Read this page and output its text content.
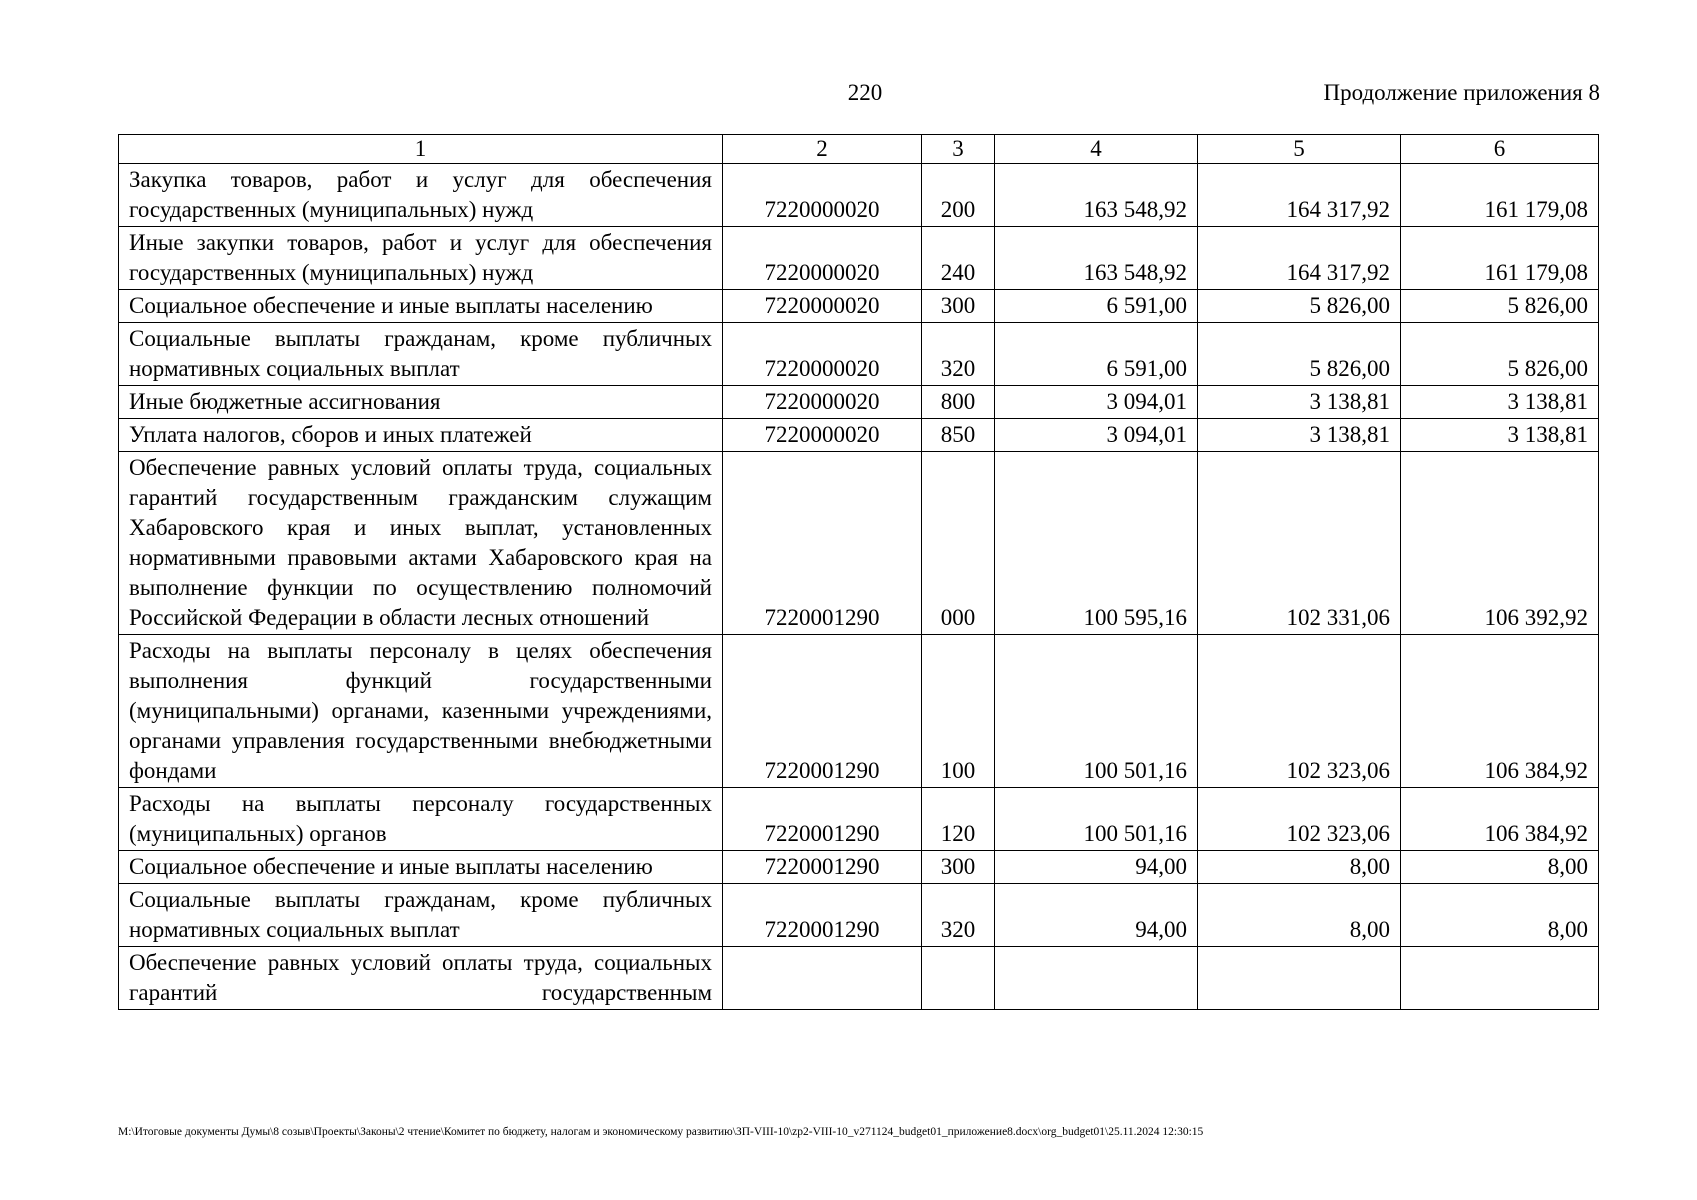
220	Продолжение приложения 8
1	2	3	4	5	6
Закупка товаров, работ и услуг для обеспечения государственных (муниципальных) нужд	7220000020	200	163 548,92	164 317,92	161 179,08
Иные закупки товаров, работ и услуг для обеспечения государственных (муниципальных) нужд	7220000020	240	163 548,92	164 317,92	161 179,08
Социальное обеспечение и иные выплаты населению	7220000020	300	6 591,00	5 826,00	5 826,00
Социальные выплаты гражданам, кроме публичных нормативных социальных выплат	7220000020	320	6 591,00	5 826,00	5 826,00
Иные бюджетные ассигнования	7220000020	800	3 094,01	3 138,81	3 138,81
Уплата налогов, сборов и иных платежей	7220000020	850	3 094,01	3 138,81	3 138,81
Обеспечение равных условий оплаты труда, социальных гарантий государственным гражданским служащим Хабаровского края и иных выплат, установленных нормативными правовыми актами Хабаровского края на выполнение функции по осуществлению полномочий Российской Федерации в области лесных отношений	7220001290	000	100 595,16	102 331,06	106 392,92
Расходы на выплаты персоналу в целях обеспечения выполнения функций государственными (муниципальными) органами, казенными учреждениями, органами управления государственными внебюджетными фондами	7220001290	100	100 501,16	102 323,06	106 384,92
Расходы на выплаты персоналу государственных (муниципальных) органов	7220001290	120	100 501,16	102 323,06	106 384,92
Социальное обеспечение и иные выплаты населению	7220001290	300	94,00	8,00	8,00
Социальные выплаты гражданам, кроме публичных нормативных социальных выплат	7220001290	320	94,00	8,00	8,00
Обеспечение равных условий оплаты труда, социальных гарантий государственным					
M:\Итоговые документы Думы\8 созыв\Проекты\Законы\2 чтение\Комитет по бюджету, налогам и экономическому развитию\ЗП-VIII-10\zp2-VIII-10_v271124_budget01_приложение8.docx\org_budget01\25.11.2024 12:30:15
